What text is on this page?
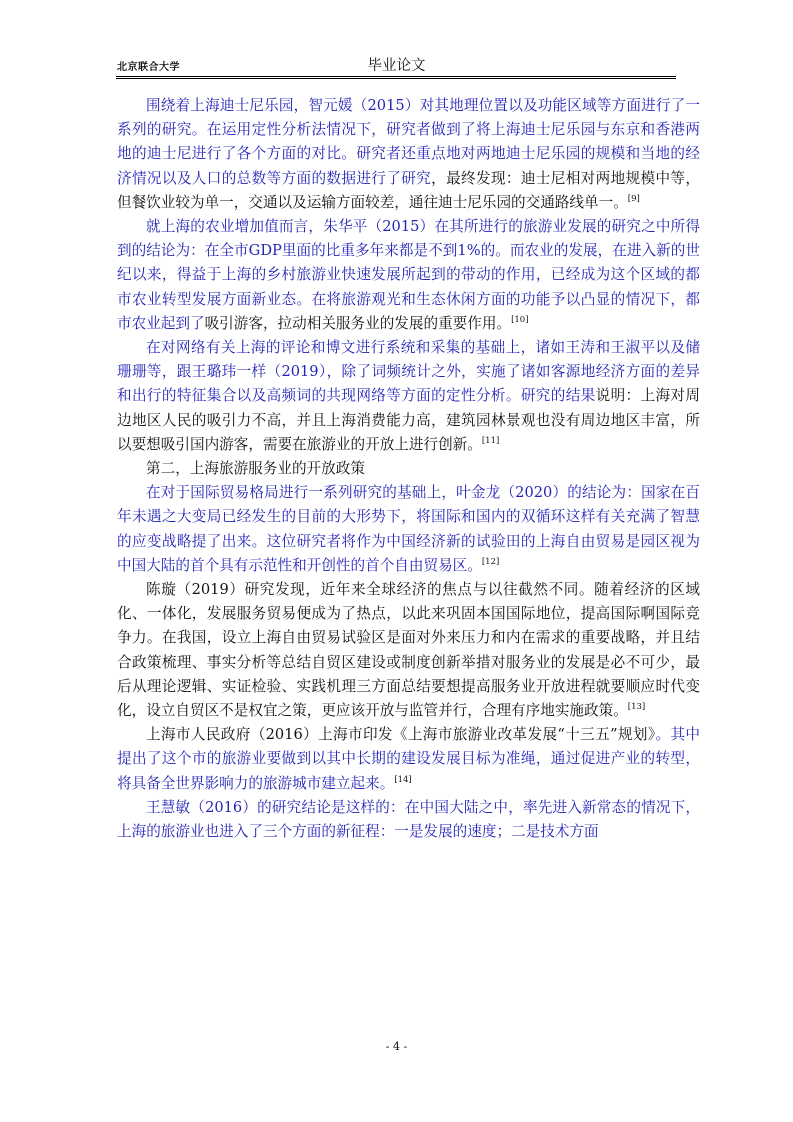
北京联合大学	毕业论文

围绕着上海迪士尼乐园，智元媛（2015）对其地理位置以及功能区域等方面进行了一系列的研究。在运用定性分析法情况下，研究者做到了将上海迪士尼乐园与东京和香港两地的迪士尼进行了各个方面的对比。研究者还重点地对两地迪士尼乐园的规模和当地的经济情况以及人口的总数等方面的数据进行了研究，最终发现：迪士尼相对两地规模中等，但餐饮业较为单一，交通以及运输方面较差，通往迪士尼乐园的交通路线单一。[9]

就上海的农业增加值而言，朱华平（2015）在其所进行的旅游业发展的研究之中所得到的结论为：在全市GDP里面的比重多年来都是不到1%的。而农业的发展，在进入新的世纪以来，得益于上海的乡村旅游业快速发展所起到的带动的作用，已经成为这个区域的都市农业转型发展方面新业态。在将旅游观光和生态休闲方面的功能予以凸显的情况下，都市农业起到了吸引游客，拉动相关服务业的发展的重要作用。[10]

在对网络有关上海的评论和博文进行系统和采集的基础上，诸如王涛和王淑平以及储珊珊等，跟王璐玮一样（2019），除了词频统计之外，实施了诸如客源地经济方面的差异和出行的特征集合以及高频词的共现网络等方面的定性分析。研究的结果说明：上海对周边地区人民的吸引力不高，并且上海消费能力高，建筑园林景观也没有周边地区丰富，所以要想吸引国内游客，需要在旅游业的开放上进行创新。[11]

第二，上海旅游服务业的开放政策

在对于国际贸易格局进行一系列研究的基础上，叶金龙（2020）的结论为：国家在百年未遇之大变局已经发生的目前的大形势下，将国际和国内的双循环这样有关充满了智慧的应变战略提了出来。这位研究者将作为中国经济新的试验田的上海自由贸易是园区视为中国大陆的首个具有示范性和开创性的首个自由贸易区。[12]

陈璇（2019）研究发现，近年来全球经济的焦点与以往截然不同。随着经济的区域化、一体化，发展服务贸易便成为了热点，以此来巩固本国国际地位，提高国际啊国际竞争力。在我国，设立上海自由贸易试验区是面对外来压力和内在需求的重要战略，并且结合政策梳理、事实分析等总结自贸区建设或制度创新举措对服务业的发展是必不可少，最后从理论逻辑、实证检验、实践机理三方面总结要想提高服务业开放进程就要顺应时代变化，设立自贸区不是权宜之策，更应该开放与监管并行，合理有序地实施政策。[13]

上海市人民政府（2016）上海市印发《上海市旅游业改革发展“十三五”规划》。其中提出了这个市的旅游业要做到以其中长期的建设发展目标为准绳，通过促进产业的转型，将具备全世界影响力的旅游城市建立起来。[14]

王慧敏（2016）的研究结论是这样的：在中国大陆之中，率先进入新常态的情况下，上海的旅游业也进入了三个方面的新征程：一是发展的速度；二是技术方面

- 4 -
